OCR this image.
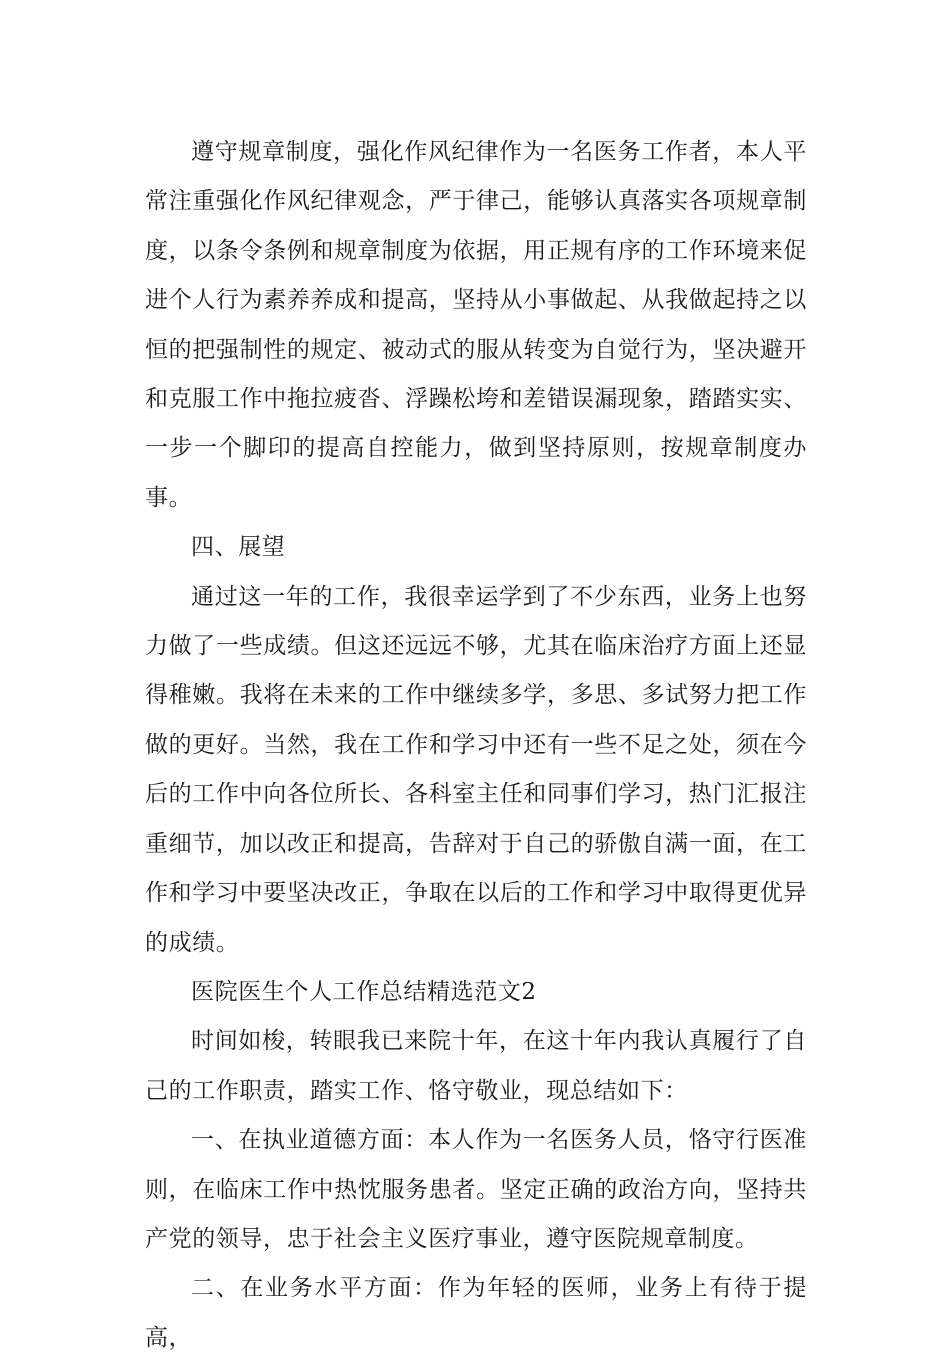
遵守规章制度，强化作风纪律作为一名医务工作者，本人平常注重强化作风纪律观念，严于律己，能够认真落实各项规章制度，以条令条例和规章制度为依据，用正规有序的工作环境来促进个人行为素养养成和提高，坚持从小事做起、从我做起持之以恒的把强制性的规定、被动式的服从转变为自觉行为，坚决避开和克服工作中拖拉疲沓、浮躁松垮和差错误漏现象，踏踏实实、一步一个脚印的提高自控能力，做到坚持原则，按规章制度办事。

四、展望

通过这一年的工作，我很幸运学到了不少东西，业务上也努力做了一些成绩。但这还远远不够，尤其在临床治疗方面上还显得稚嫩。我将在未来的工作中继续多学，多思、多试努力把工作做的更好。当然，我在工作和学习中还有一些不足之处，须在今后的工作中向各位所长、各科室主任和同事们学习，热门汇报注重细节，加以改正和提高，告辞对于自己的骄傲自满一面，在工作和学习中要坚决改正，争取在以后的工作和学习中取得更优异的成绩。

医院医生个人工作总结精选范文2

时间如梭，转眼我已来院十年，在这十年内我认真履行了自己的工作职责，踏实工作、恪守敬业，现总结如下：

一、在执业道德方面：本人作为一名医务人员，恪守行医准则，在临床工作中热忱服务患者。坚定正确的政治方向，坚持共产党的领导，忠于社会主义医疗事业，遵守医院规章制度。

二、在业务水平方面：作为年轻的医师，业务上有待于提高，
